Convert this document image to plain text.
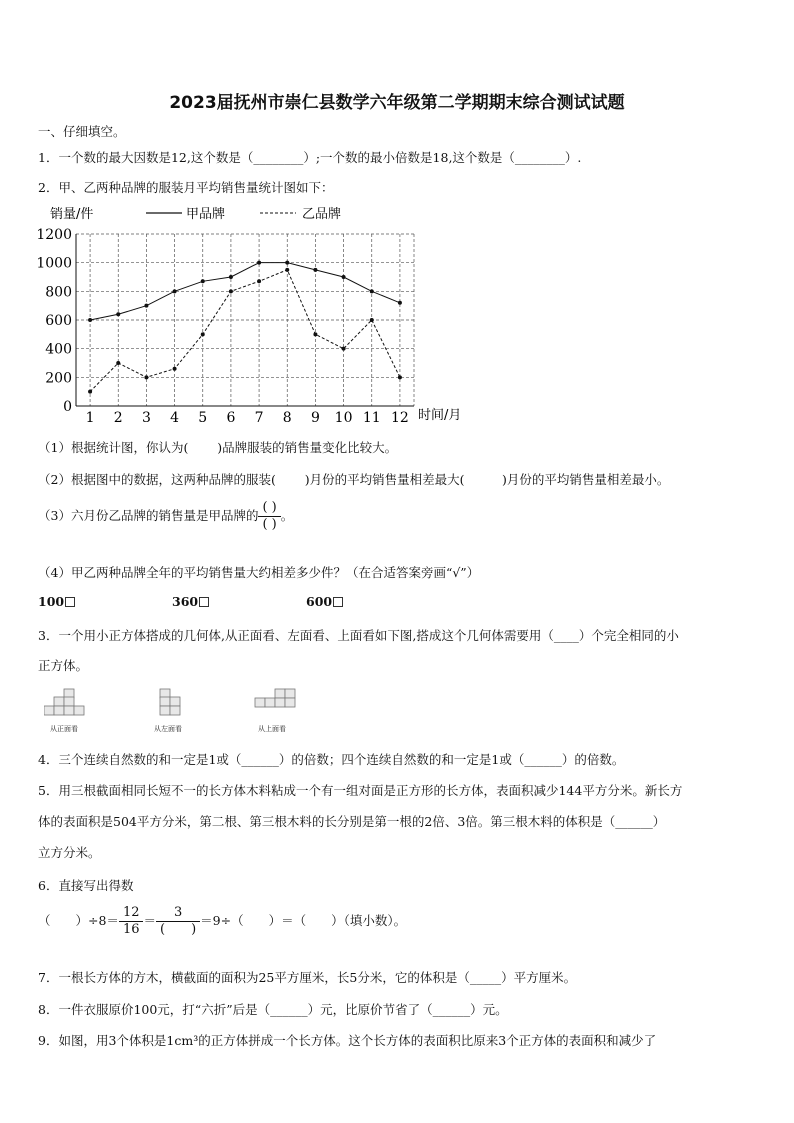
2023届抚州市崇仁县数学六年级第二学期期末综合测试试题
一、仔细填空。
1．一个数的最大因数是12,这个数是（________）;一个数的最小倍数是18,这个数是（________）.
2．甲、乙两种品牌的服装月平均销售量统计图如下：
0
200
400
600
800
1000
1200
1 2 3 4 5 6 7 8 9 10 11 12
销量/件
时间/月
甲品牌	乙品牌
（1）根据统计图，你认为(　　 )品牌服装的销售量变化比较大。
（2）根据图中的数据，这两种品牌的服装(　　 )月份的平均销售量相差最大(　　　)月份的平均销售量相差最小。
（3）六月份乙品牌的销售量是甲品牌的 $\frac{( )}{( )}$ 。
（4）甲乙两种品牌全年的平均销售量大约相差多少件？（在合适答案旁画“√”）
100	360	600
3．一个用小正方体搭成的几何体,从正面看、左面看、上面看如下图,搭成这个几何体需要用（____）个完全相同的小
正方体。
从正面看	从左面看	从上面看
4．三个连续自然数的和一定是1或（______）的倍数；四个连续自然数的和一定是1或（______）的倍数。
5．用三根截面相同长短不一的长方体木料粘成一个有一组对面是正方形的长方体，表面积减少144平方分米。新长方
体的表面积是504平方分米，第二根、第三根木料的长分别是第一根的2倍、3倍。第三根木料的体积是（______）
立方分米。
6．直接写出得数
（　　）$\div 8= \frac{12}{16} = \frac{3}{( )} =9\div$（　　）＝（　　）（填小数）。
7．一根长方体的方木，横截面的面积为25平方厘米，长5分米，它的体积是（_____）平方厘米。
8．一件衣服原价100元，打“六折”后是（______）元，比原价节省了（______）元。
9．如图，用3个体积是1cm³的正方体拼成一个长方体。这个长方体的表面积比原来3个正方体的表面积和减少了
